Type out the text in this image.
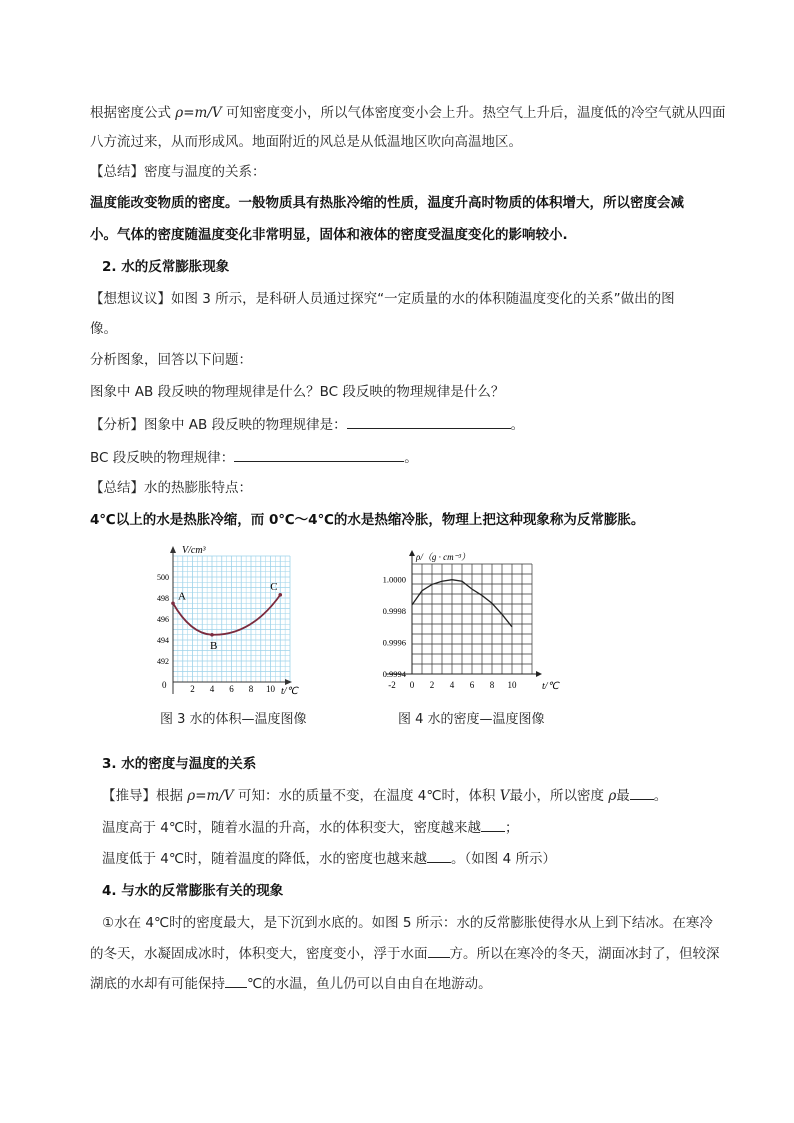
根据密度公式 ρ=m/V 可知密度变小，所以气体密度变小会上升。热空气上升后，温度低的冷空气就从四面
八方流过来，从而形成风。地面附近的风总是从低温地区吹向高温地区。
【总结】密度与温度的关系：
温度能改变物质的密度。一般物质具有热胀冷缩的性质，温度升高时物质的体积增大，所以密度会减
小。气体的密度随温度变化非常明显，固体和液体的密度受温度变化的影响较小.
2. 水的反常膨胀现象
【想想议议】如图 3 所示，是科研人员通过探究“一定质量的水的体积随温度变化的关系”做出的图
像。
分析图象，回答以下问题：
图象中 AB 段反映的物理规律是什么？BC 段反映的物理规律是什么？
【分析】图象中 AB 段反映的物理规律是：	。
BC 段反映的物理规律：	。
【总结】水的热膨胀特点：
4℃以上的水是热胀冷缩，而 0℃～4℃的水是热缩冷胀，物理上把这种现象称为反常膨胀。
V/cm³
t/℃
0	2 4 6 8 10
492
494
496
498
500
A
B
C
ρ/（g · cm⁻³）
t/℃
-2 0 2 4 6 8 10
0.9994
0.9996
0.9998
1.0000
图 3 水的体积—温度图像	图 4 水的密度—温度图像
3. 水的密度与温度的关系
【推导】根据 ρ=m/V 可知：水的质量不变，在温度 4℃时，体积 V最小，所以密度 ρ最 。
温度高于 4℃时，随着水温的升高，水的体积变大，密度越来越 ；
温度低于 4℃时，随着温度的降低，水的密度也越来越 。（如图 4 所示）
4. 与水的反常膨胀有关的现象
①水在 4℃时的密度最大，是下沉到水底的。如图 5 所示：水的反常膨胀使得水从上到下结冰。在寒冷
的冬天，水凝固成冰时，体积变大，密度变小，浮于水面 方。所以在寒冷的冬天，湖面冰封了，但较深
湖底的水却有可能保持 ℃的水温，鱼儿仍可以自由自在地游动。
